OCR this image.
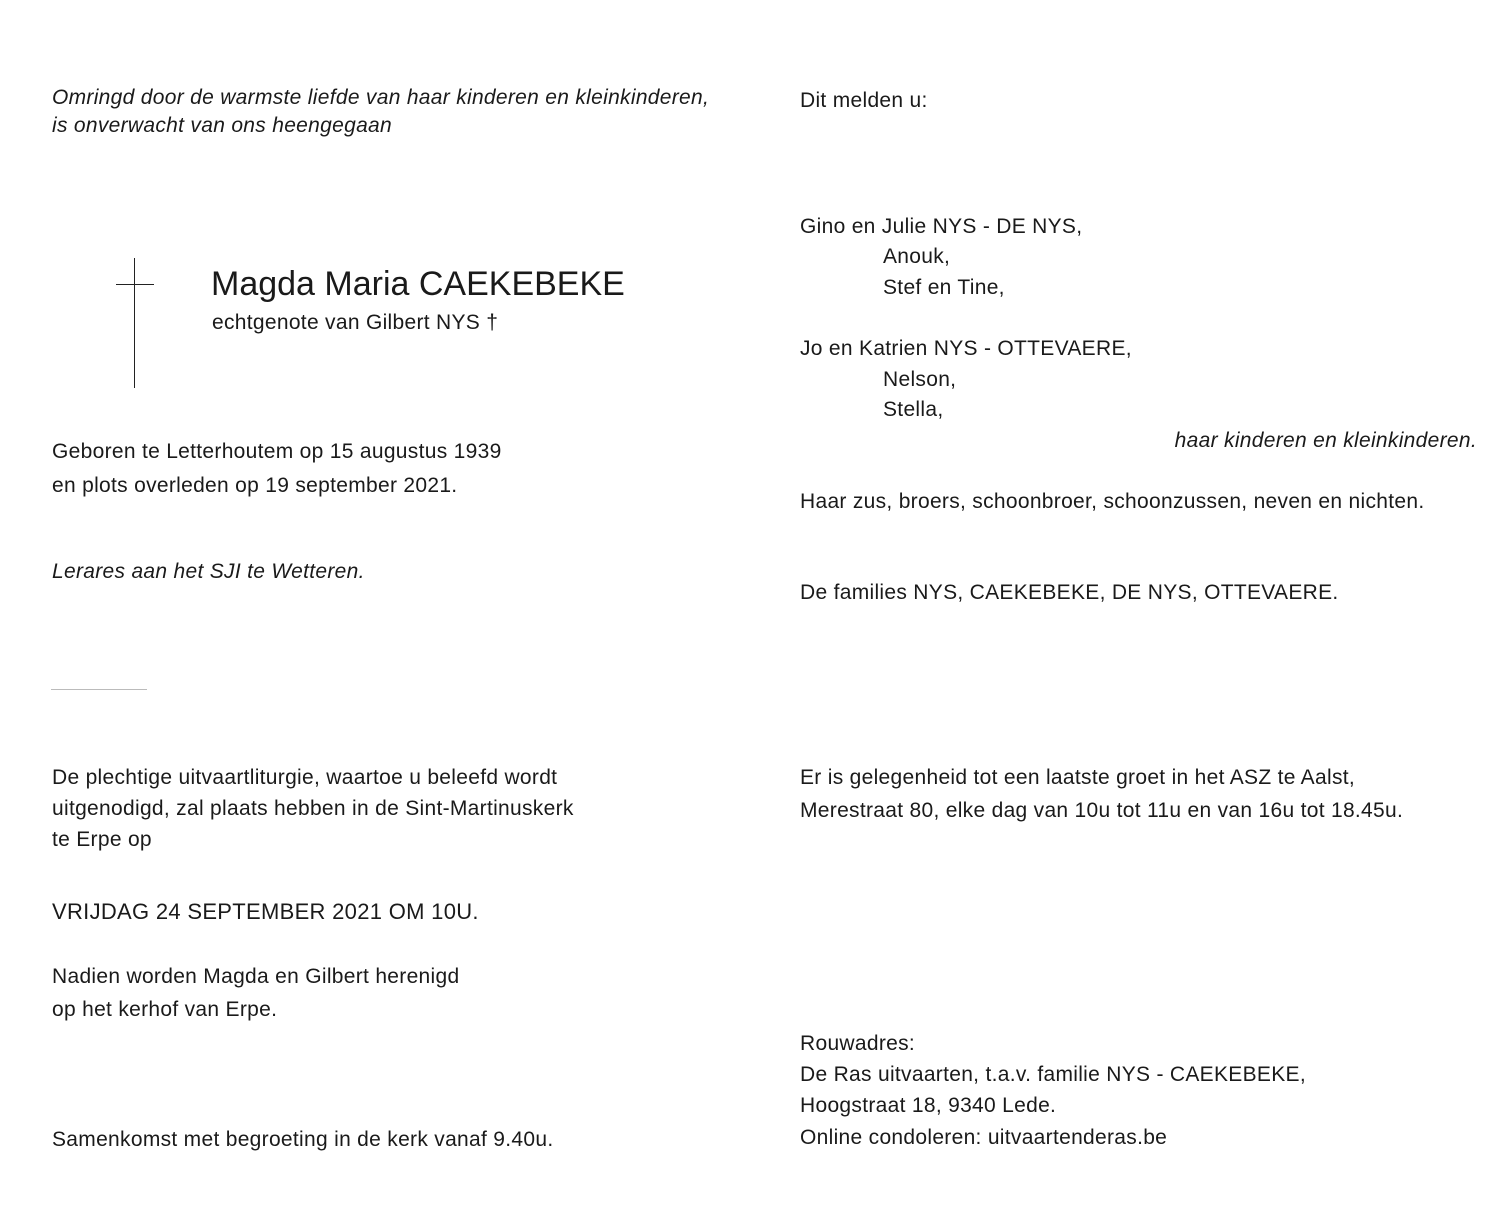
Omringd door de warmste liefde van haar kinderen en kleinkinderen,
is onverwacht van ons heengegaan
Magda Maria CAEKEBEKE
echtgenote van Gilbert NYS †
Geboren te Letterhoutem op 15 augustus 1939
en plots overleden op 19 september 2021.
Lerares aan het SJI te Wetteren.
De plechtige uitvaartliturgie, waartoe u beleefd wordt
uitgenodigd, zal plaats hebben in de Sint-Martinuskerk
te Erpe op
VRIJDAG 24 SEPTEMBER 2021 OM 10U.
Nadien worden Magda en Gilbert herenigd
op het kerhof van Erpe.
Samenkomst met begroeting in de kerk vanaf 9.40u.
Dit melden u:
Gino en Julie NYS - DE NYS,
Anouk,
Stef en Tine,
Jo en Katrien NYS - OTTEVAERE,
Nelson,
Stella,
haar kinderen en kleinkinderen.
Haar zus, broers, schoonbroer, schoonzussen, neven en nichten.
De families NYS, CAEKEBEKE, DE NYS, OTTEVAERE.
Er is gelegenheid tot een laatste groet in het ASZ te Aalst,
Merestraat 80, elke dag van 10u tot 11u en van 16u tot 18.45u.
Rouwadres:
De Ras uitvaarten, t.a.v. familie NYS - CAEKEBEKE,
Hoogstraat 18, 9340 Lede.
Online condoleren: uitvaartenderas.be
